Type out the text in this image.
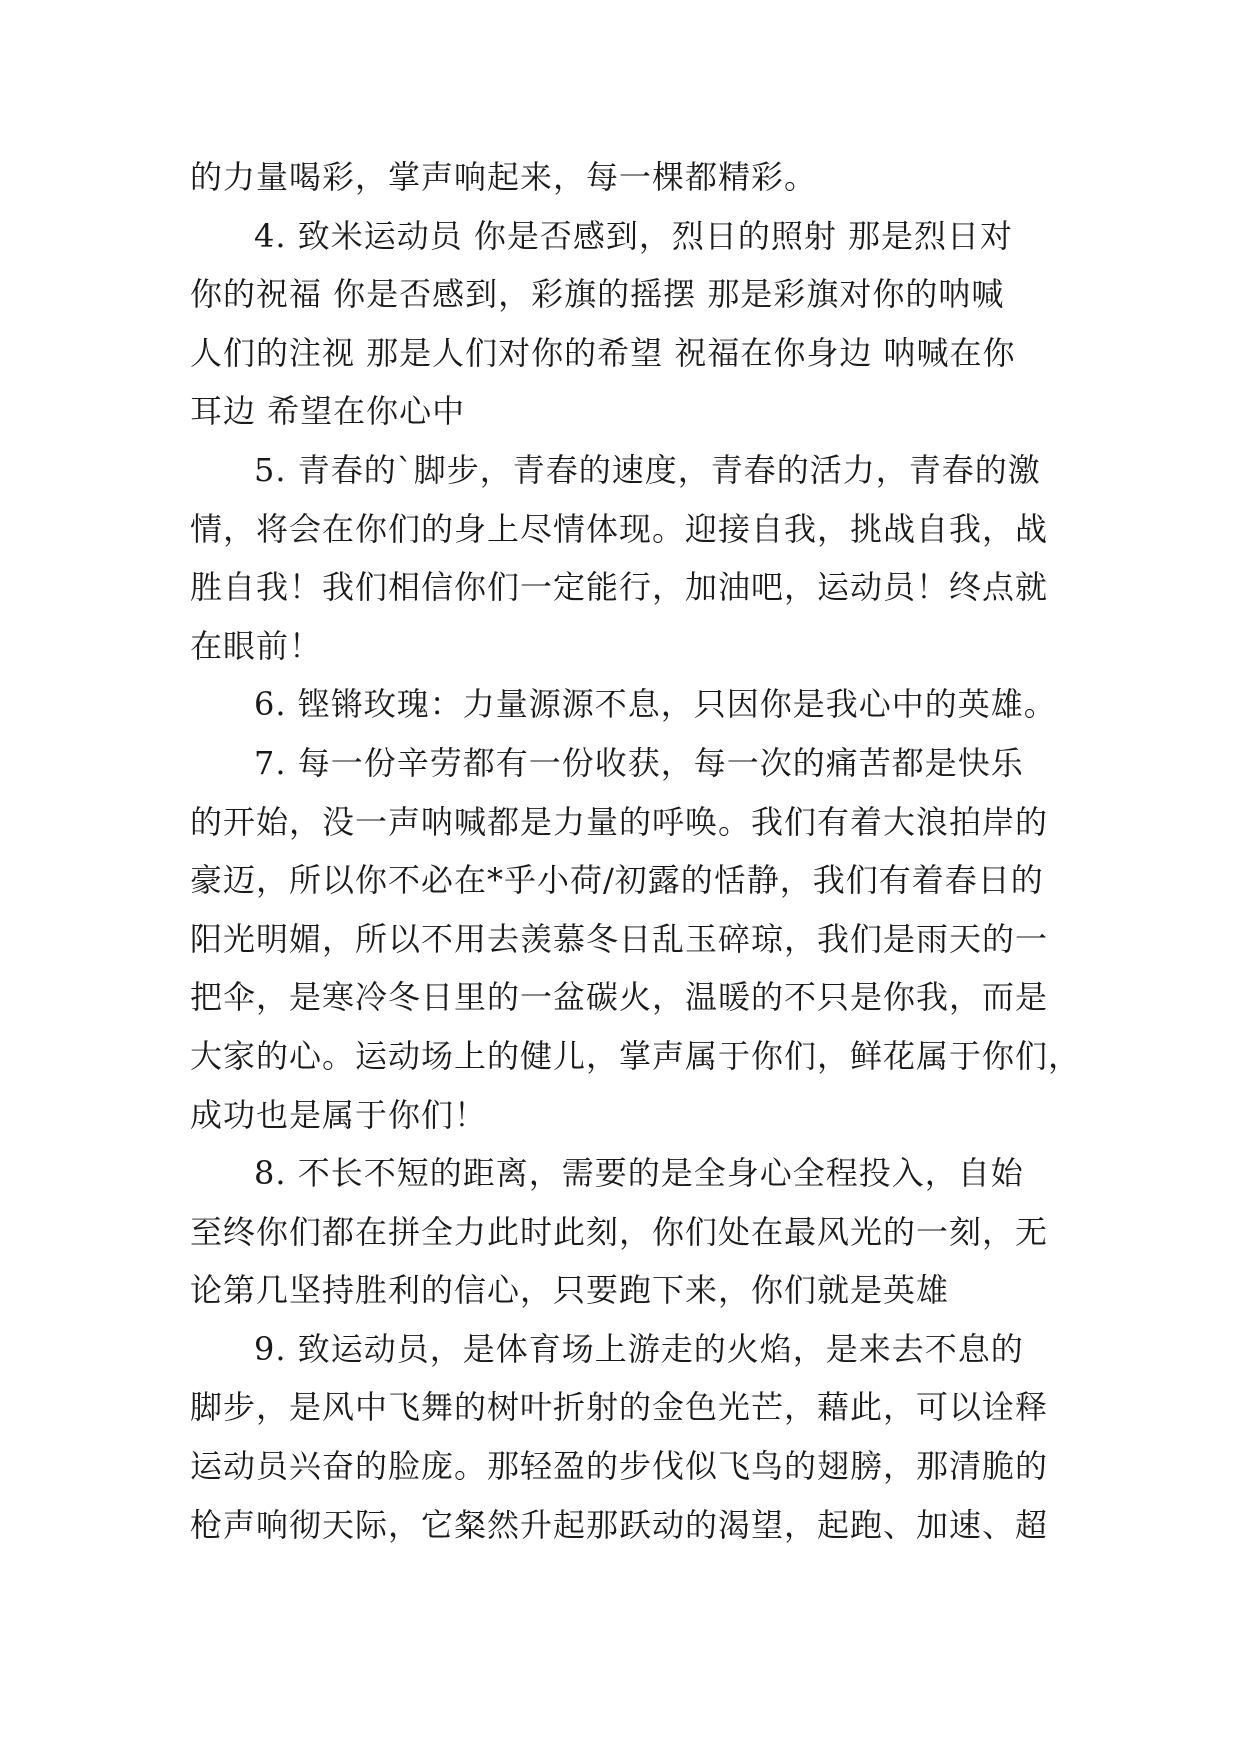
的力量喝彩，掌声响起来，每一棵都精彩。
4. 致米运动员 你是否感到，烈日的照射 那是烈日对
你的祝福 你是否感到，彩旗的摇摆 那是彩旗对你的呐喊
人们的注视 那是人们对你的希望 祝福在你身边 呐喊在你
耳边 希望在你心中
5. 青春的`脚步，青春的速度，青春的活力，青春的激
情，将会在你们的身上尽情体现。迎接自我，挑战自我，战
胜自我！我们相信你们一定能行，加油吧，运动员！终点就
在眼前！
6. 铿锵玫瑰：力量源源不息，只因你是我心中的英雄。
7. 每一份辛劳都有一份收获，每一次的痛苦都是快乐
的开始，没一声呐喊都是力量的呼唤。我们有着大浪拍岸的
豪迈，所以你不必在*乎小荷/初露的恬静，我们有着春日的
阳光明媚，所以不用去羡慕冬日乱玉碎琼，我们是雨天的一
把伞，是寒冷冬日里的一盆碳火，温暖的不只是你我，而是
大家的心。运动场上的健儿，掌声属于你们，鲜花属于你们，
成功也是属于你们！
8. 不长不短的距离，需要的是全身心全程投入，自始
至终你们都在拼全力此时此刻，你们处在最风光的一刻，无
论第几坚持胜利的信心，只要跑下来，你们就是英雄
9. 致运动员，是体育场上游走的火焰，是来去不息的
脚步，是风中飞舞的树叶折射的金色光芒，藉此，可以诠释
运动员兴奋的脸庞。那轻盈的步伐似飞鸟的翅膀，那清脆的
枪声响彻天际，它粲然升起那跃动的渴望，起跑、加速、超
